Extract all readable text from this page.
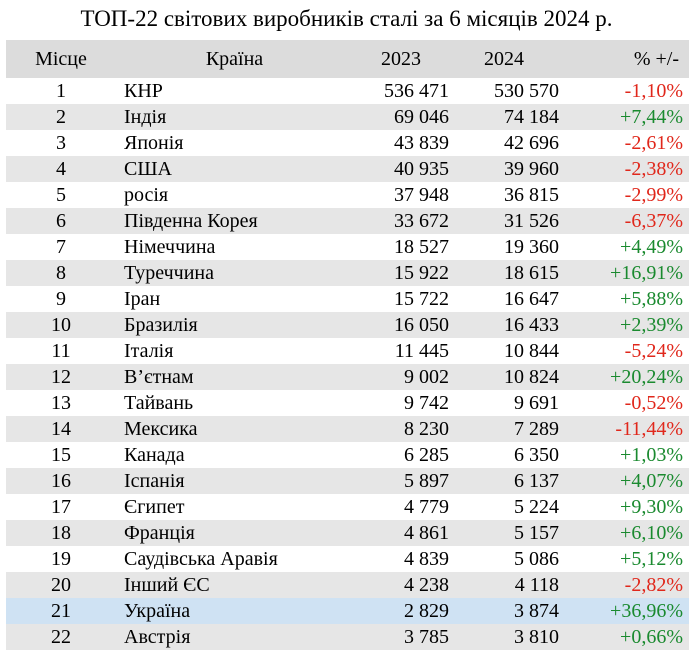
ТОП-22 світових виробників сталі за 6 місяців 2024 р.
Місце	Країна	2023	2024	% +/-
1	КНР	536 471	530 570	-1,10%
2	Індія	69 046	74 184	+7,44%
3	Японія	43 839	42 696	-2,61%
4	США	40 935	39 960	-2,38%
5	росія	37 948	36 815	-2,99%
6	Південна Корея	33 672	31 526	-6,37%
7	Німеччина	18 527	19 360	+4,49%
8	Туреччина	15 922	18 615	+16,91%
9	Іран	15 722	16 647	+5,88%
10	Бразилія	16 050	16 433	+2,39%
11	Італія	11 445	10 844	-5,24%
12	В’єтнам	9 002	10 824	+20,24%
13	Тайвань	9 742	9 691	-0,52%
14	Мексика	8 230	7 289	-11,44%
15	Канада	6 285	6 350	+1,03%
16	Іспанія	5 897	6 137	+4,07%
17	Єгипет	4 779	5 224	+9,30%
18	Франція	4 861	5 157	+6,10%
19	Саудівська Аравія	4 839	5 086	+5,12%
20	Інший ЄС	4 238	4 118	-2,82%
21	Україна	2 829	3 874	+36,96%
22	Австрія	3 785	3 810	+0,66%
